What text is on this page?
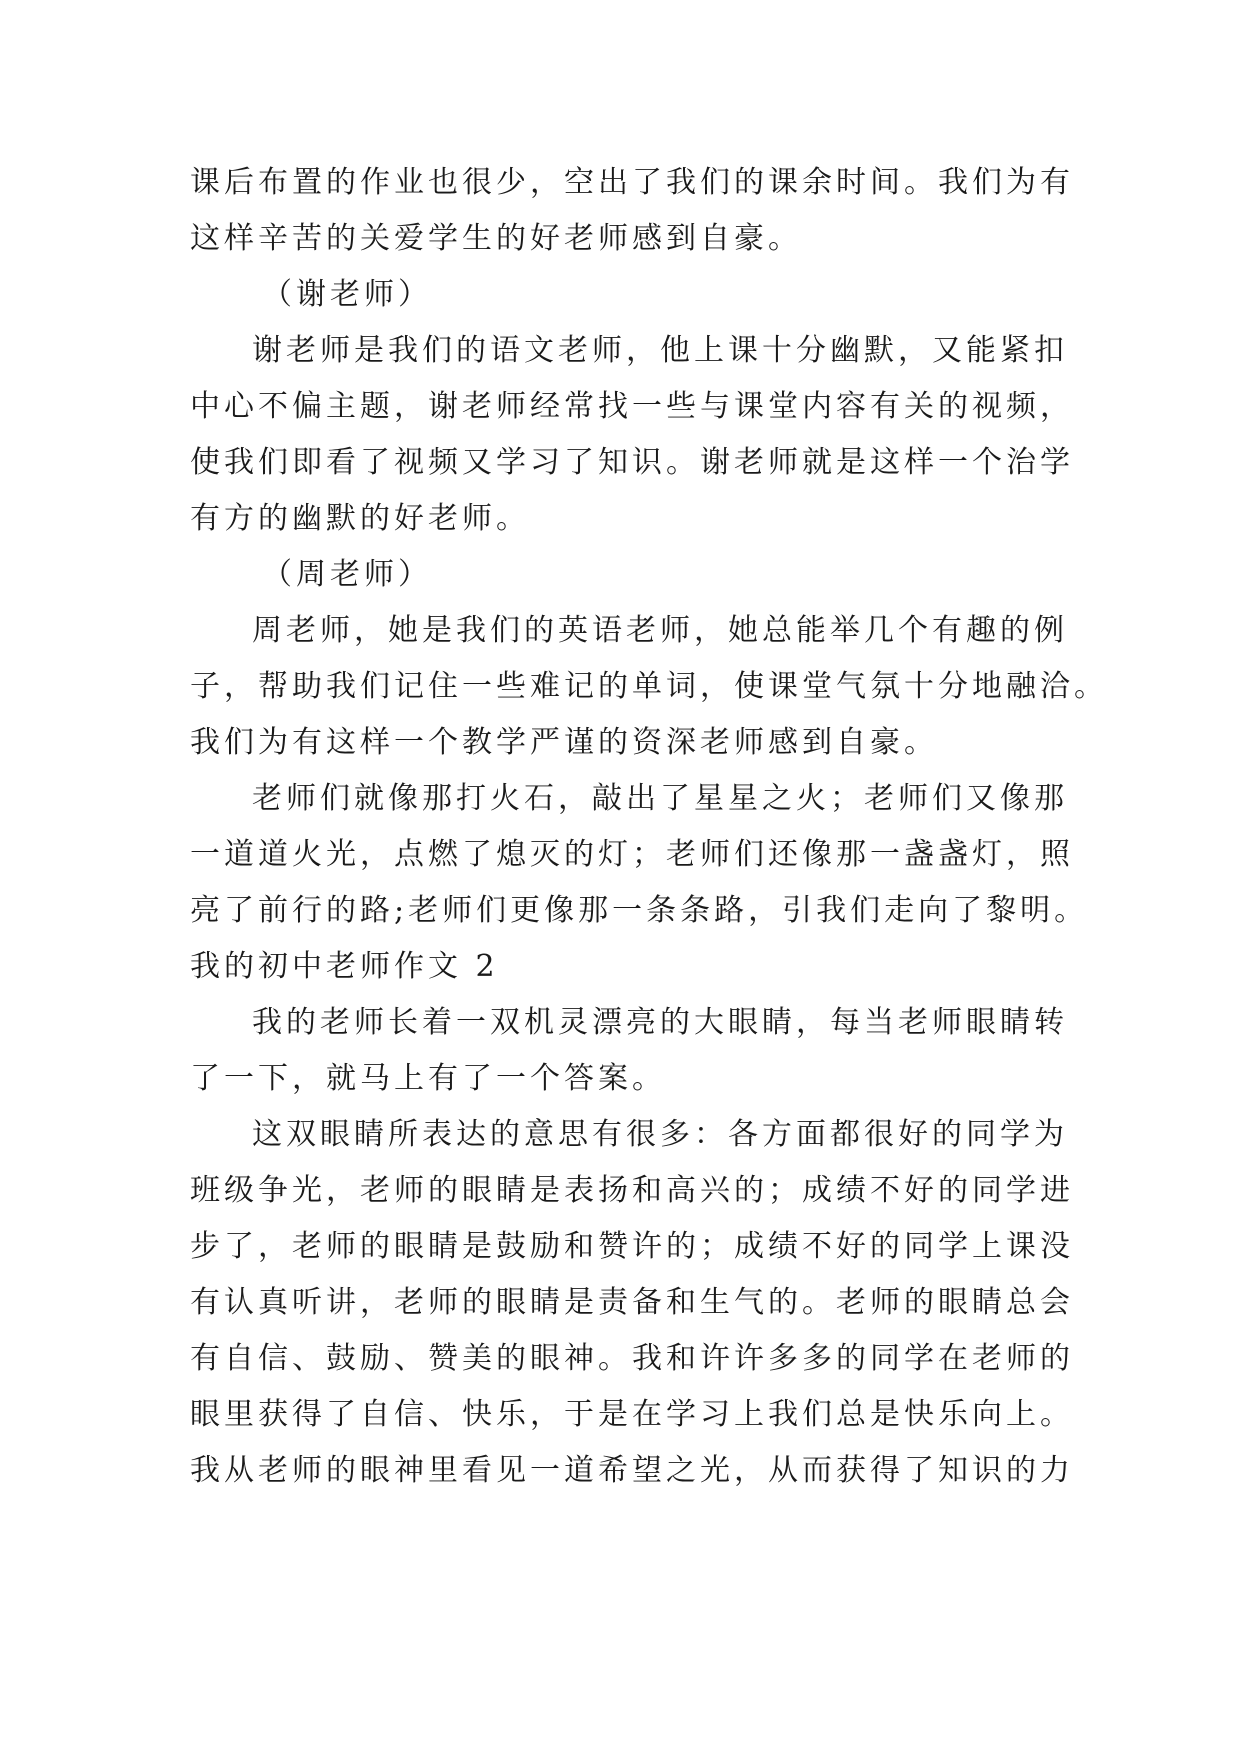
课后布置的作业也很少，空出了我们的课余时间。我们为有
这样辛苦的关爱学生的好老师感到自豪。
（谢老师）
谢老师是我们的语文老师，他上课十分幽默，又能紧扣
中心不偏主题，谢老师经常找一些与课堂内容有关的视频，
使我们即看了视频又学习了知识。谢老师就是这样一个治学
有方的幽默的好老师。
（周老师）
周老师，她是我们的英语老师，她总能举几个有趣的例
子，帮助我们记住一些难记的单词，使课堂气氛十分地融洽。
我们为有这样一个教学严谨的资深老师感到自豪。
老师们就像那打火石，敲出了星星之火；老师们又像那
一道道火光，点燃了熄灭的灯；老师们还像那一盏盏灯，照
亮了前行的路;老师们更像那一条条路，引我们走向了黎明。
我的初中老师作文 2
我的老师长着一双机灵漂亮的大眼睛，每当老师眼睛转
了一下，就马上有了一个答案。
这双眼睛所表达的意思有很多：各方面都很好的同学为
班级争光，老师的眼睛是表扬和高兴的；成绩不好的同学进
步了，老师的眼睛是鼓励和赞许的；成绩不好的同学上课没
有认真听讲，老师的眼睛是责备和生气的。老师的眼睛总会
有自信、鼓励、赞美的眼神。我和许许多多的同学在老师的
眼里获得了自信、快乐，于是在学习上我们总是快乐向上。
我从老师的眼神里看见一道希望之光，从而获得了知识的力
